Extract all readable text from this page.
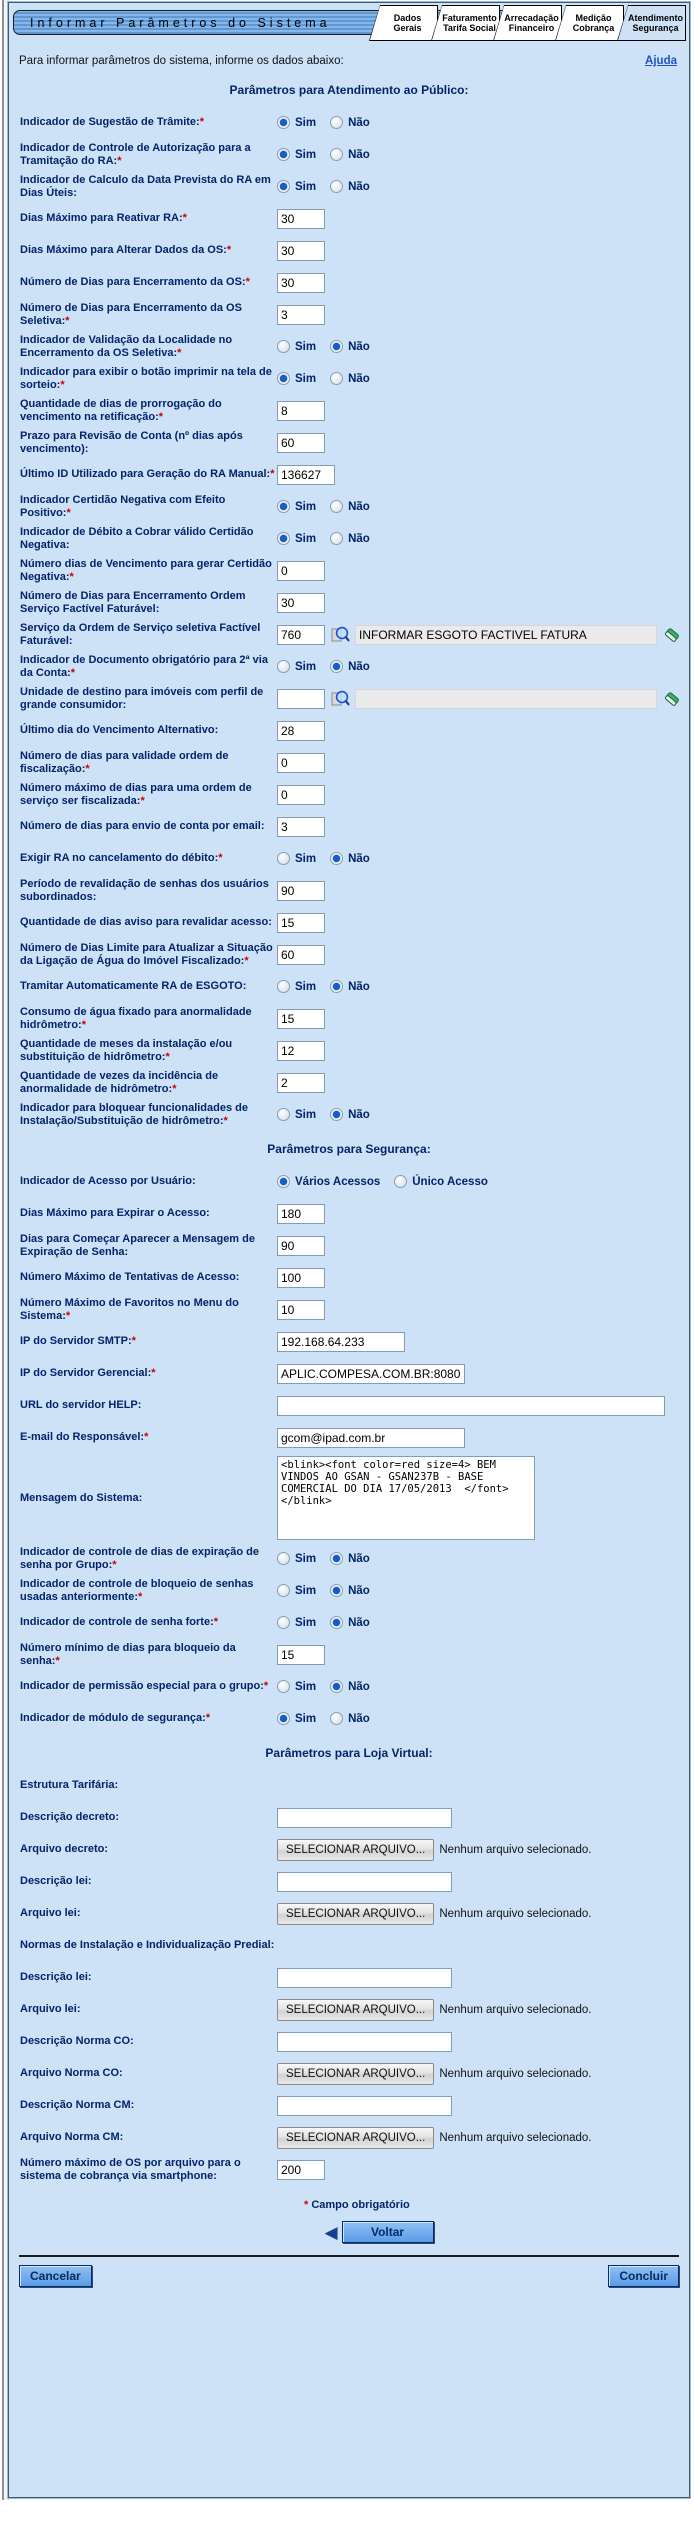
Informar Parâmetros do Sistema	Dados
Gerais
Faturamento
Tarifa Social
Arrecadação
Financeiro
Medição
Cobrança
Atendimento
Segurança
Para informar parâmetros do sistema, informe os dados abaixo:	Ajuda
Parâmetros para Atendimento ao Público:
Indicador de Sugestão de Trâmite:*	Sim	Não
Indicador de Controle de Autorização para a Tramitação do RA:*	Sim	Não
Indicador de Calculo da Data Prevista do RA em Dias Úteis:	Sim	Não
Dias Máximo para Reativar RA:*
30
Dias Máximo para Alterar Dados da OS:*
30
Número de Dias para Encerramento da OS:*
30
Número de Dias para Encerramento da OS Seletiva:*
3
Indicador de Validação da Localidade no Encerramento da OS Seletiva:*	Sim	Não
Indicador para exibir o botão imprimir na tela de sorteio:*	Sim	Não
Quantidade de dias de prorrogação do vencimento na retificação:*
8
Prazo para Revisão de Conta (nº dias após vencimento):
60
Último ID Utilizado para Geração do RA Manual:*
136627
Indicador Certidão Negativa com Efeito Positivo:*	Sim	Não
Indicador de Débito a Cobrar válido Certidão Negativa:	Sim	Não
Número dias de Vencimento para gerar Certidão Negativa:*
0
Número de Dias para Encerramento Ordem Serviço Factível Faturável:
30
Serviço da Ordem de Serviço seletiva Factível Faturável:
760
INFORMAR ESGOTO FACTIVEL FATURA
Indicador de Documento obrigatório para 2ª via da Conta:*	Sim	Não
Unidade de destino para imóveis com perfil de grande consumidor:
Último dia do Vencimento Alternativo:
28
Número de dias para validade ordem de fiscalização:*
0
Número máximo de dias para uma ordem de serviço ser fiscalizada:*
0
Número de dias para envio de conta por email:
3
Exigir RA no cancelamento do débito:*	Sim	Não
Período de revalidação de senhas dos usuários subordinados:
90
Quantidade de dias aviso para revalidar acesso:
15
Número de Dias Limite para Atualizar a Situação da Ligação de Água do Imóvel Fiscalizado:*
60
Tramitar Automaticamente RA de ESGOTO:	Sim	Não
Consumo de água fixado para anormalidade hidrômetro:*
15
Quantidade de meses da instalação e/ou substituição de hidrômetro:*
12
Quantidade de vezes da incidência de anormalidade de hidrômetro:*
2
Indicador para bloquear funcionalidades de Instalação/Substituição de hidrômetro:*	Sim	Não
Parâmetros para Segurança:
Indicador de Acesso por Usuário:	Vários Acessos	Único Acesso
Dias Máximo para Expirar o Acesso:
180
Dias para Começar Aparecer a Mensagem de Expiração de Senha:
90
Número Máximo de Tentativas de Acesso:
100
Número Máximo de Favoritos no Menu do Sistema:*
10
IP do Servidor SMTP:*
192.168.64.233
IP do Servidor Gerencial:*
APLIC.COMPESA.COM.BR:8080
URL do servidor HELP:
E-mail do Responsável:*
gcom@ipad.com.br
Mensagem do Sistema:
<blink><font color=red size=4> BEM VINDOS AO GSAN - GSAN237B - BASE COMERCIAL DO DIA 17/05/2013 </font></blink>
Indicador de controle de dias de expiração de senha por Grupo:*	Sim	Não
Indicador de controle de bloqueio de senhas usadas anteriormente:*	Sim	Não
Indicador de controle de senha forte:*	Sim	Não
Número mínimo de dias para bloqueio da senha:*
15
Indicador de permissão especial para o grupo:*	Sim	Não
Indicador de módulo de segurança:*	Sim	Não
Parâmetros para Loja Virtual:
Estrutura Tarifária:
Descrição decreto:
Arquivo decreto:	SELECIONAR ARQUIVO...	Nenhum arquivo selecionado.
Descrição lei:
Arquivo lei:	SELECIONAR ARQUIVO...	Nenhum arquivo selecionado.
Normas de Instalação e Individualização Predial:
Descrição lei:
Arquivo lei:	SELECIONAR ARQUIVO...	Nenhum arquivo selecionado.
Descrição Norma CO:
Arquivo Norma CO:	SELECIONAR ARQUIVO...	Nenhum arquivo selecionado.
Descrição Norma CM:
Arquivo Norma CM:	SELECIONAR ARQUIVO...	Nenhum arquivo selecionado.
Número máximo de OS por arquivo para o sistema de cobrança via smartphone:
200
* Campo obrigatório
◀	Voltar
Cancelar	Concluir
